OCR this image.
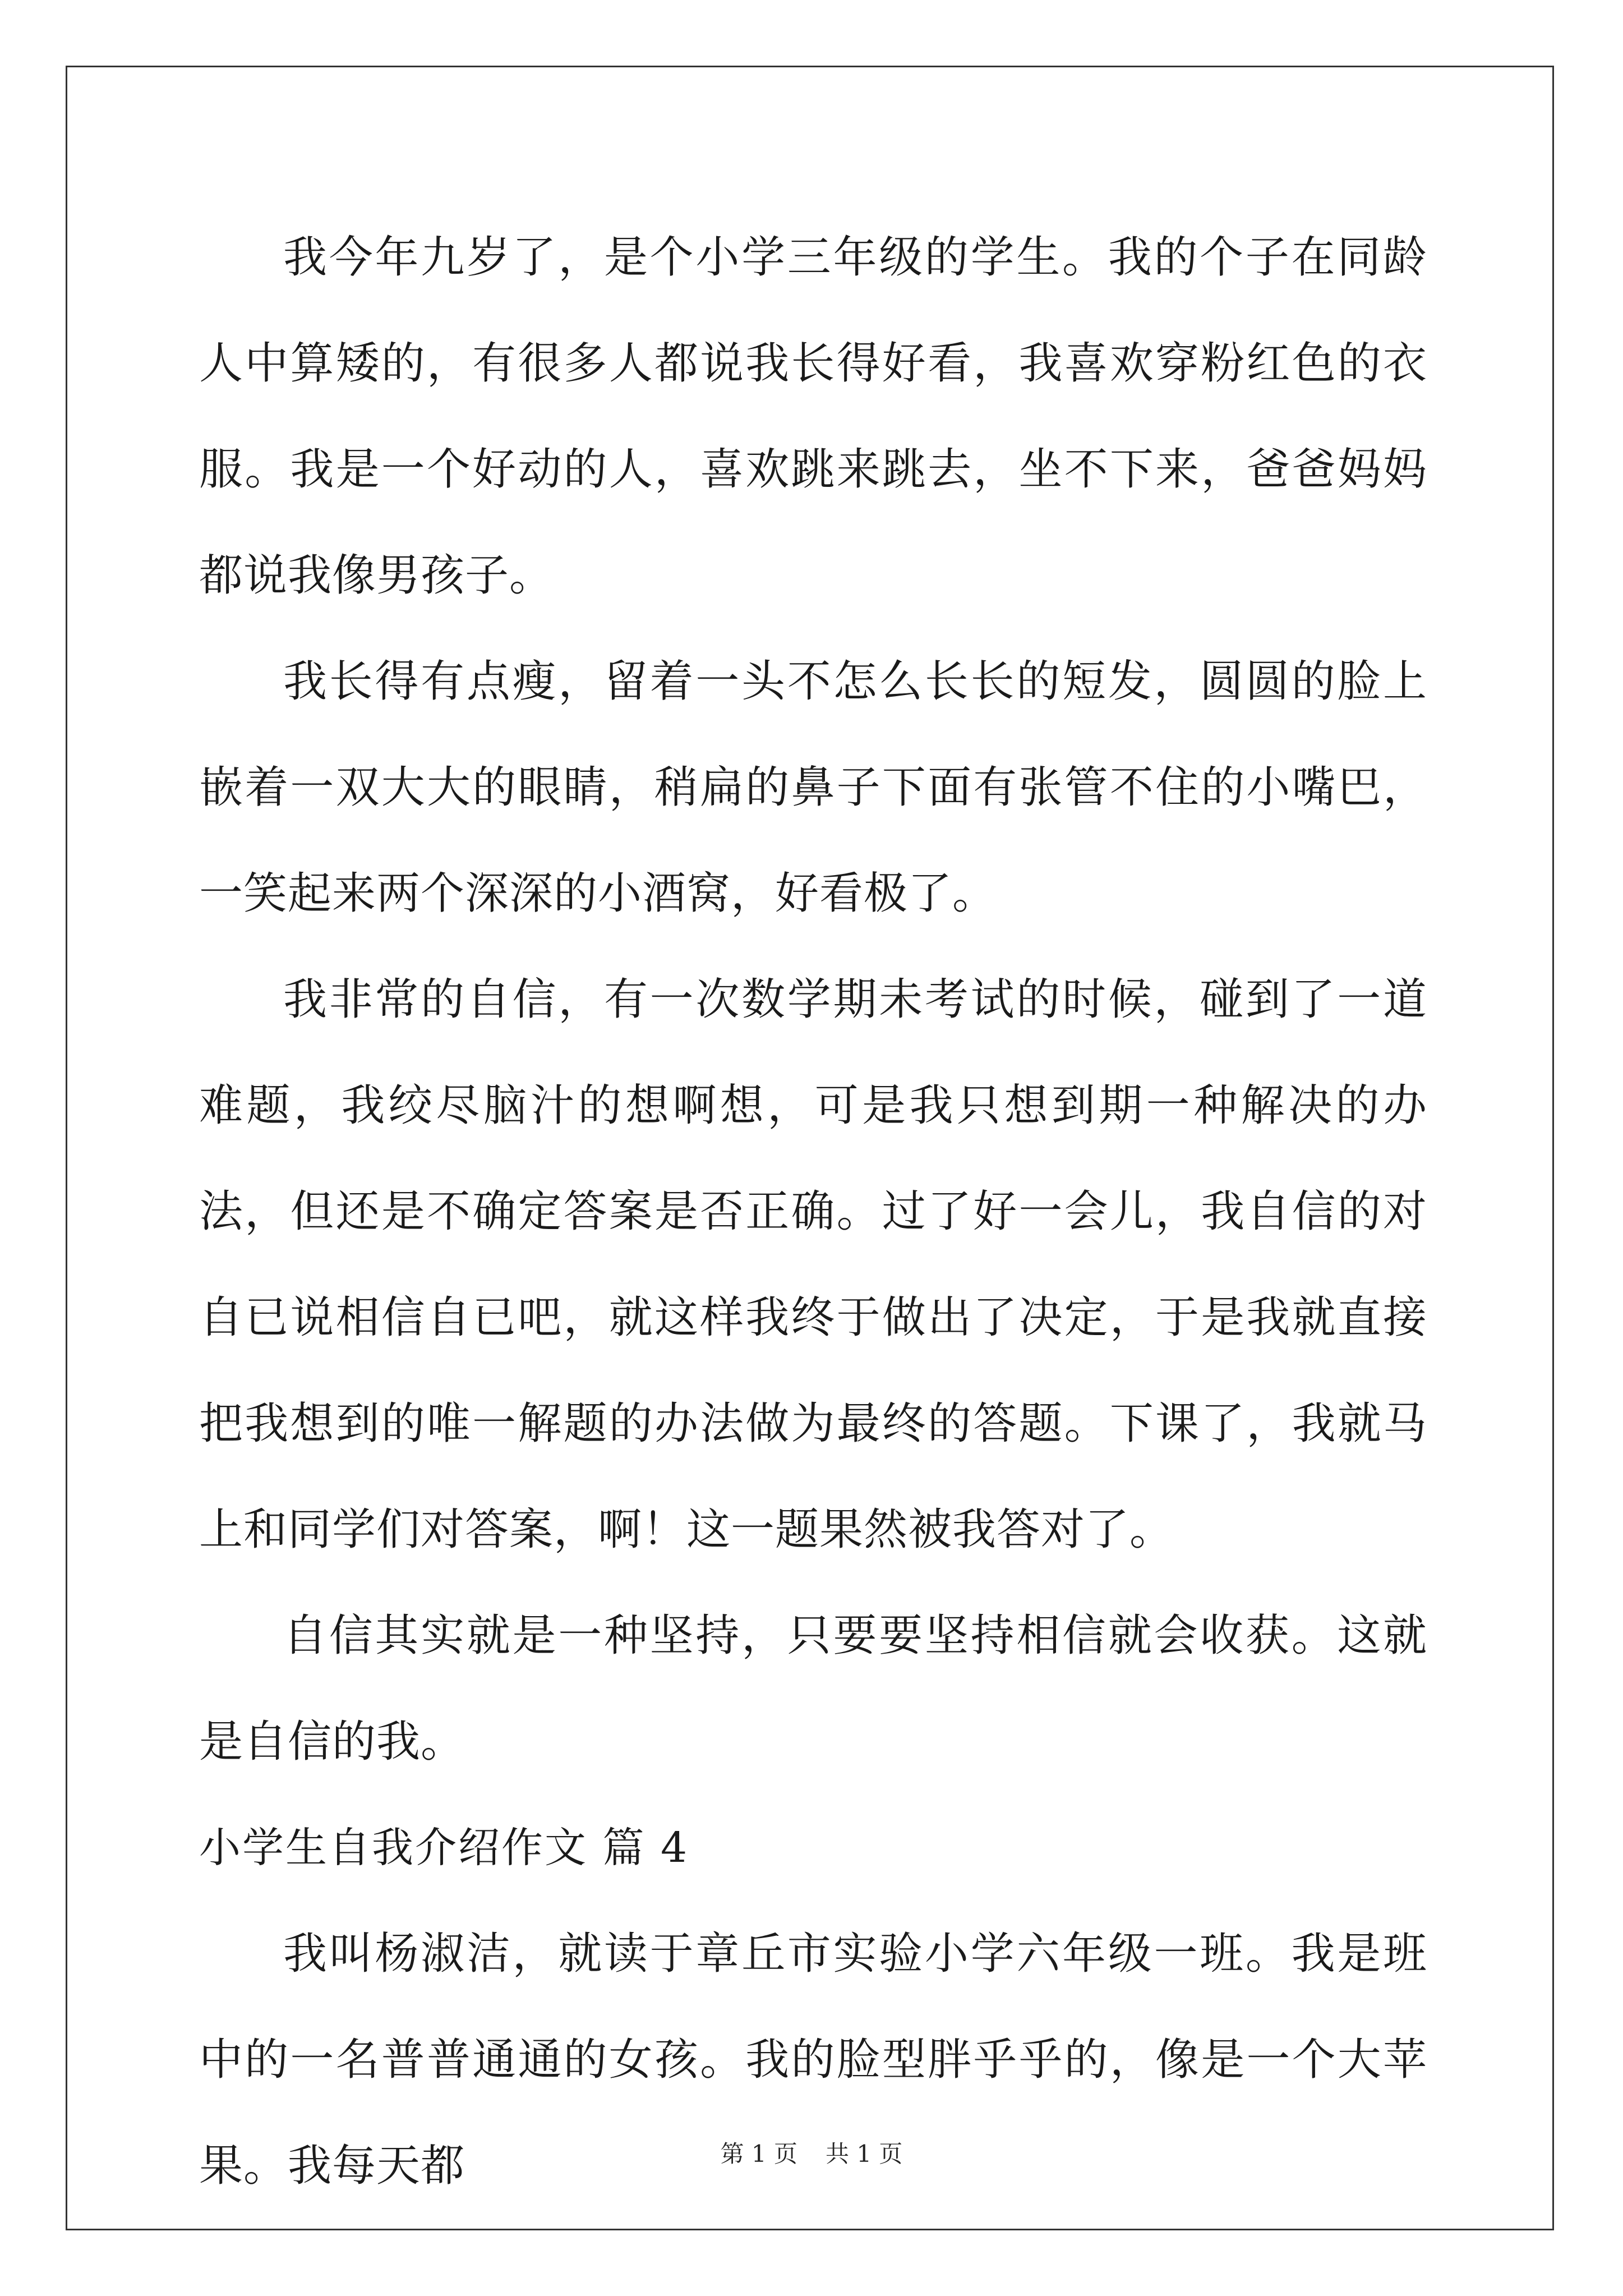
我今年九岁了，是个小学三年级的学生。我的个子在同龄人中算矮的，有很多人都说我长得好看，我喜欢穿粉红色的衣服。我是一个好动的人，喜欢跳来跳去，坐不下来，爸爸妈妈都说我像男孩子。

我长得有点瘦，留着一头不怎么长长的短发，圆圆的脸上嵌着一双大大的眼睛，稍扁的鼻子下面有张管不住的小嘴巴，一笑起来两个深深的小酒窝，好看极了。

我非常的自信，有一次数学期未考试的时候，碰到了一道难题，我绞尽脑汁的想啊想，可是我只想到期一种解决的办法，但还是不确定答案是否正确。过了好一会儿，我自信的对自已说相信自已吧，就这样我终于做出了决定，于是我就直接把我想到的唯一解题的办法做为最终的答题。下课了，我就马上和同学们对答案，啊！这一题果然被我答对了。

自信其实就是一种坚持，只要要坚持相信就会收获。这就是自信的我。

小学生自我介绍作文 篇 4

我叫杨淑洁，就读于章丘市实验小学六年级一班。我是班中的一名普普通通的女孩。我的脸型胖乎乎的，像是一个大苹果。我每天都	第 1 页 共 1 页
